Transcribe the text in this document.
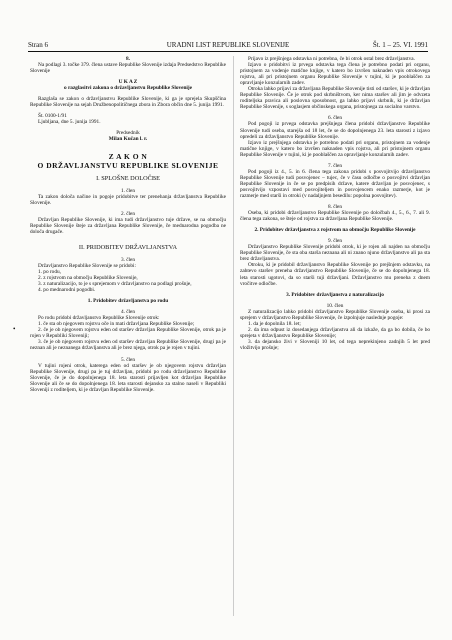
Stran 6	URADNI LIST REPUBLIKE SLOVENIJE	Št. 1 – 25. VI. 1991
•

8.

Na podlagi 3. točke 379. člena ustave Republike Slovenije izdaja Predsedstvo Republike Slovenije

U K A Z

o razglasitvi zakona o državljanstvu Republike Slovenije

Razglaša se zakon o državljanstvu Republike Slovenije, ki ga je sprejela Skupščina Republike Slovenije na sejah Družbenopolitičnega zbora in Zbora občin dne 5. junija 1991.

Št. 0100-1/91

Ljubljana, dne 5. junija 1991.

Predsednik

Milan Kučan l. r.

Z A K O N

O DRŽAVLJANSTVU REPUBLIKE SLOVENIJE

I. SPLOŠNE DOLOČBE

1. člen

Ta zakon določa načine in pogoje pridobitve ter prenehanja državljanstva Republike Slovenije.

2. člen

Državljan Republike Slovenije, ki ima tudi državljanstvo tuje države, se na območju Republike Slovenije šteje za državljana Republike Slovenije, če mednarodna pogodba ne določa drugače.

II. PRIDOBITEV DRŽAVLJANSTVA

3. člen

Državljanstvo Republike Slovenije se pridobi:

1. po rodu,

2. z rojstvom na območju Republike Slovenije,

3. z naturalizacijo, to je s sprejemom v državljanstvo na podlagi prošnje,

4. po mednarodni pogodbi.

1. Pridobitev državljanstva po rodu

4. člen

Po rodu pridobi državljanstvo Republike Slovenije otrok:

1. če sta ob njegovem rojstvu oče in mati državljana Republike Slovenije;

2. če je ob njegovem rojstvu eden od staršev državljan Republike Slovenije, otrok pa je rojen v Republiki Sloveniji;

3. če je ob njegovem rojstvu eden od staršev državljan Republike Slovenije, drugi pa je neznan ali je neznanega državljanstva ali je brez njega, otrok pa je rojen v tujini.

5. člen

V tujini rojeni otrok, katerega eden od staršev je ob njegovem rojstvu državljan Republike Slovenije, drugi pa je tuj državljan, pridobi po rodu državljanstvo Republike Slovenije, če je do dopolnjenega 18. leta starosti prijavljen kot državljan Republike Slovenije ali če se do dopolnjenega 18. leta starosti dejansko za stalno naseli v Republiki Sloveniji z roditeljem, ki je državljan Republike Slovenije.

Prijavo iz prejšnjega odstavka ni potrebna, če bi otrok ostal brez državljanstva.

Izjavo o pridobitvi iz prvega odstavka tega člena je potrebno podati pri organu, pristojnem za vodenje matične knjige, v katero bo izvršen naknaden vpis otrokovega rojstva, ali pri pristojnem organu Republike Slovenije v tujini, ki je pooblaščen za opravljanje konzularnih zadev.

Otroka lahko prijavi za državljana Republike Slovenije tisti od staršev, ki je državljan Republike Slovenije. Če je otrok pod skrbništvom, ker nima staršev ali jim je odvzeta roditeljska pravica ali poslovna sposobnost, ga lahko prijavi skrbnik, ki je državljan Republike Slovenije, s soglasjem občinskega organa, pristojnega za socialno varstvo.

6. člen

Pod pogoji iz prvega odstavka prejšnjega člena pridobi državljanstvo Republike Slovenije tudi oseba, starejša od 18 let, če se do dopolnjenega 23. leta starosti z izjavo opredeli za državljanstvo Republike Slovenije.

Izjavo iz prejšnjega odstavka je potrebno podati pri organu, pristojnem za vodenje matične knjige, v katero bo izvršen naknaden vpis rojstva, ali pri pristojnem organu Republike Slovenije v tujini, ki je pooblaščen za opravljanje konzularnih zadev.

7. člen

Pod pogoji iz 4., 5. in 6. člena tega zakona pridobi s posvojitvijo državljanstvo Republike Slovenije tudi posvojenec – tujec, če v času odločbe o posvojitvi državljan Republike Slovenije in če se po predpisih države, katere državljan je posvojenec, s posvojitvijo vzpostavi med posvojiteljem in posvojencem enako razmerje, kot je razmerje med starši in otroki (v nadaljnjem besedilu: popolna posvojitev).

8. člen

Oseba, ki pridobi državljanstvo Republike Slovenije po določbah 4., 5., 6., 7. ali 9. člena tega zakona, se šteje od rojstva za državljana Republike Slovenije.

2. Pridobitev državljanstva z rojstvom na območju Republike Slovenije

9. člen

Državljanstvo Republike Slovenije pridobi otrok, ki je rojen ali najden na območju Republike Slovenije, če sta oba starša neznana ali ni znano njuno državljanstvo ali pa sta brez državljanstva.

Otroku, ki je pridobil državljanstvo Republike Slovenije po prejšnjem odstavku, na zahtevo staršev preneha državljanstvo Republike Slovenije, če se do dopolnjenega 18. leta starosti ugotovi, da so starši tuji državljani. Državljanstvo mu preneha z dnem vročitve odločbe.

3. Pridobitev državljanstva z naturalizacijo

10. člen

Z naturalizacijo lahko pridobi državljanstvo Republike Slovenije oseba, ki prosi za sprejem v državljanstvo Republike Slovenije, če izpolnjuje naslednje pogoje:

1. da je dopolnila 18. let;

2. da ima odpust iz dosedanjega državljanstva ali da izkaže, da ga bo dobila, če bo sprejeta v državljanstvo Republike Slovenije;

3. da dejansko živi v Sloveniji 10 let, od tega neprekinjeno zadnjih 5 let pred vložitvijo prošnje;
